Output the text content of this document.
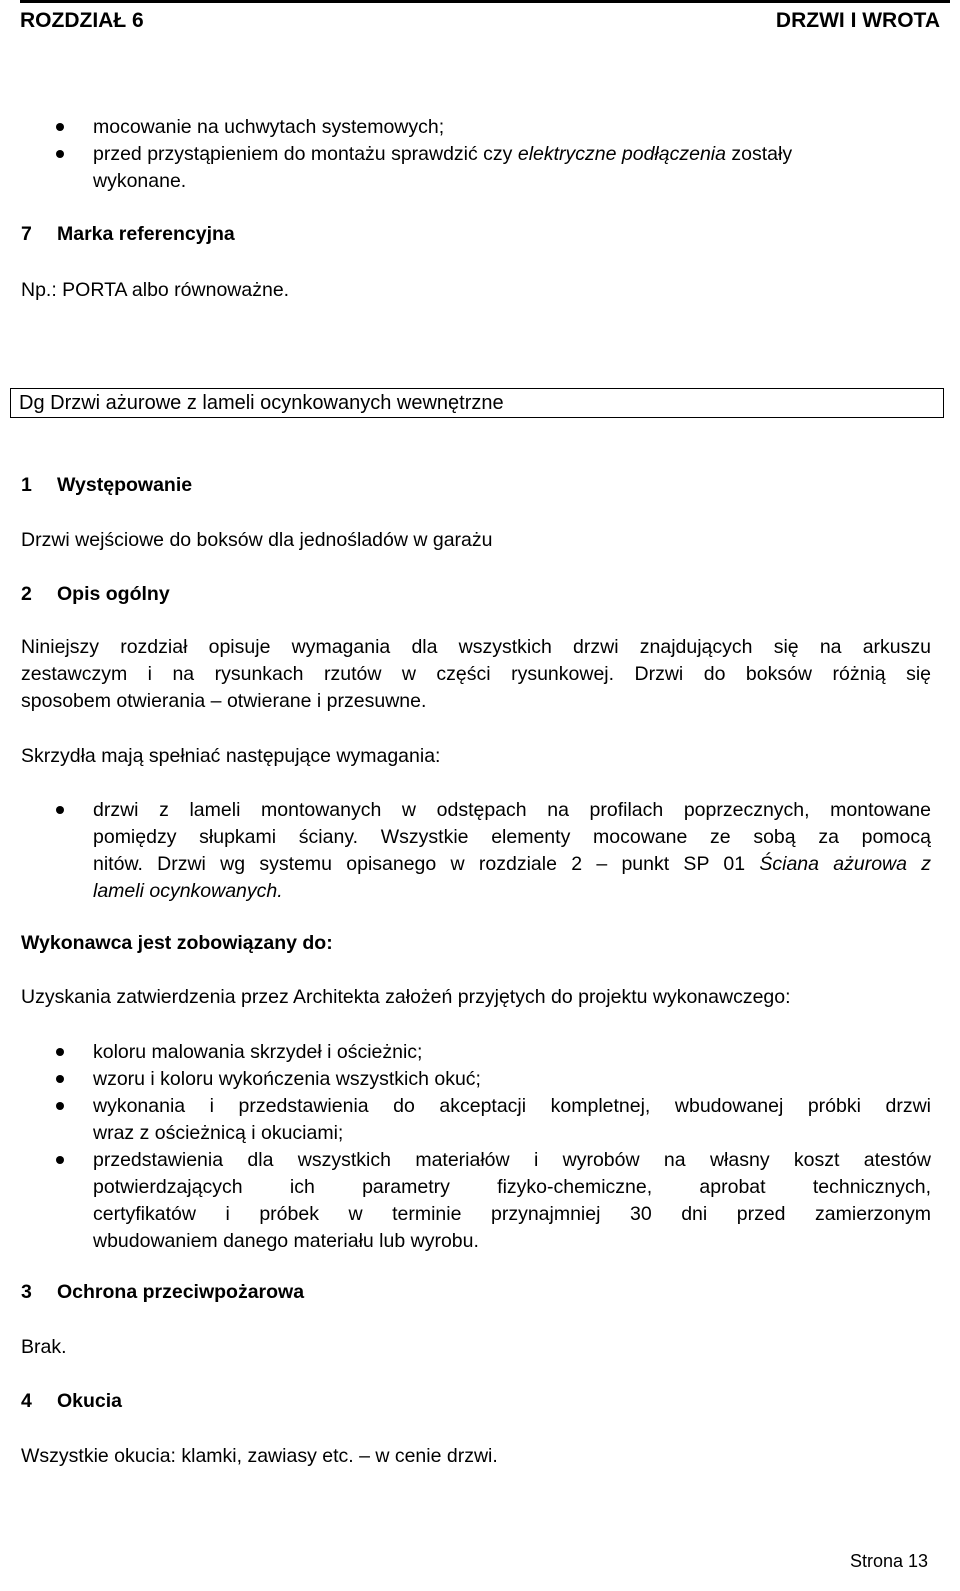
ROZDZIAŁ 6	DRZWI I WROTA
mocowanie na uchwytach systemowych;
przed przystąpieniem do montażu sprawdzić czy elektryczne podłączenia zostały
wykonane.
7 Marka referencyjna
Np.: PORTA albo równoważne.
Dg Drzwi ażurowe z lameli ocynkowanych wewnętrzne
1 Występowanie
Drzwi wejściowe do boksów dla jednośladów w garażu
2 Opis ogólny
Niniejszy rozdział opisuje wymagania dla wszystkich drzwi znajdujących się na arkuszu
zestawczym i na rysunkach rzutów w części rysunkowej. Drzwi do boksów różnią się
sposobem otwierania – otwierane i przesuwne.
Skrzydła mają spełniać następujące wymagania:
drzwi z lameli montowanych w odstępach na profilach poprzecznych, montowane
pomiędzy słupkami ściany. Wszystkie elementy mocowane ze sobą za pomocą
nitów. Drzwi wg systemu opisanego w rozdziale 2 – punkt SP 01 Ściana ażurowa z
lameli ocynkowanych.
Wykonawca jest zobowiązany do:
Uzyskania zatwierdzenia przez Architekta założeń przyjętych do projektu wykonawczego:
koloru malowania skrzydeł i ościeżnic;
wzoru i koloru wykończenia wszystkich okuć;
wykonania i przedstawienia do akceptacji kompletnej, wbudowanej próbki drzwi
wraz z ościeżnicą i okuciami;
przedstawienia dla wszystkich materiałów i wyrobów na własny koszt atestów
potwierdzających ich parametry fizyko-chemiczne, aprobat technicznych,
certyfikatów i próbek w terminie przynajmniej 30 dni przed zamierzonym
wbudowaniem danego materiału lub wyrobu.
3 Ochrona przeciwpożarowa
Brak.
4 Okucia
Wszystkie okucia: klamki, zawiasy etc. – w cenie drzwi.
Strona 13
